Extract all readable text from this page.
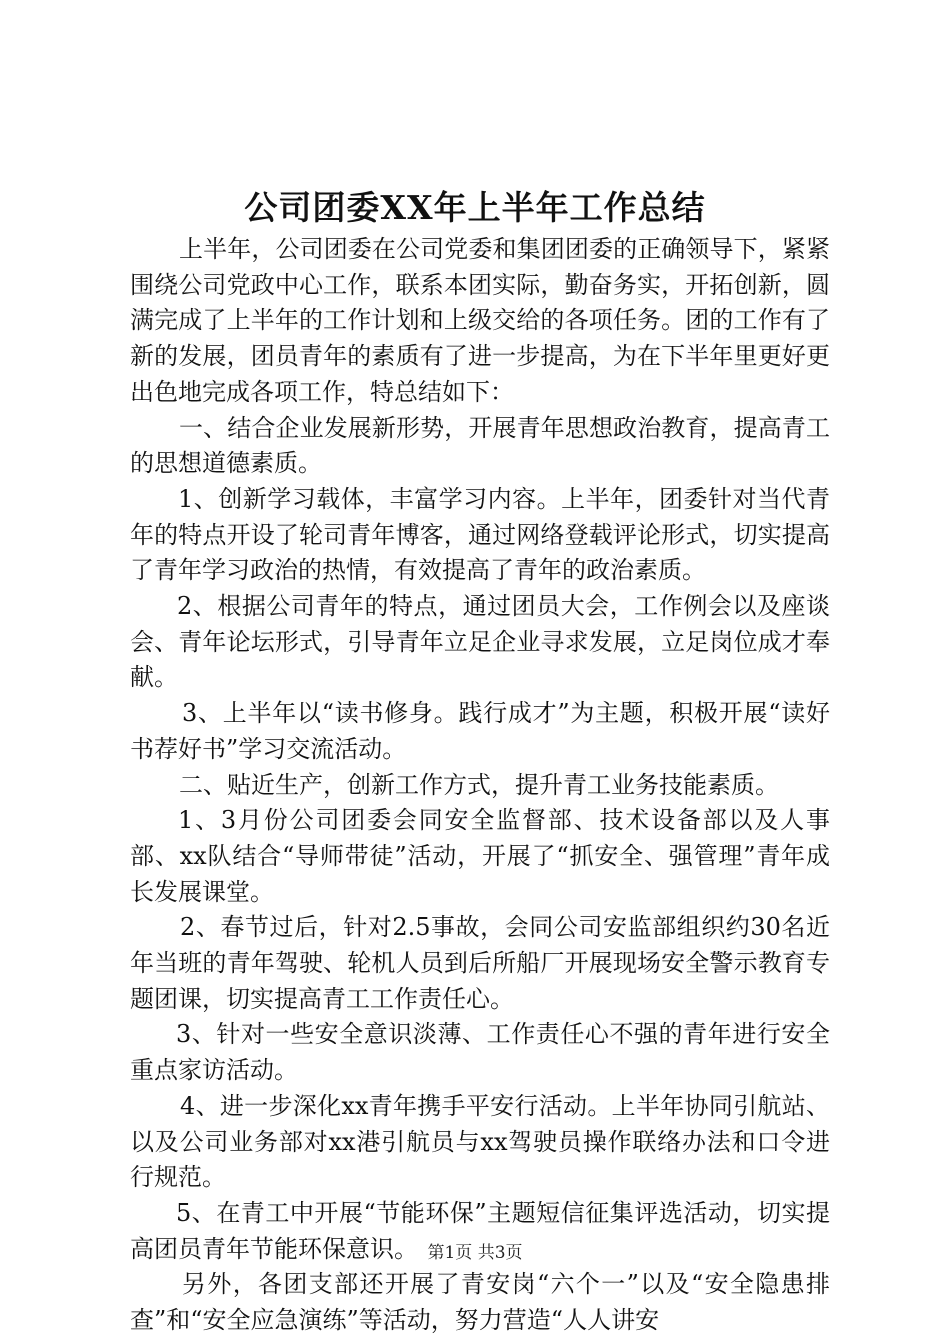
公司团委XX年上半年工作总结

上半年，公司团委在公司党委和集团团委的正确领导下，紧紧围绕公司党政中心工作，联系本团实际，勤奋务实，开拓创新，圆满完成了上半年的工作计划和上级交给的各项任务。团的工作有了新的发展，团员青年的素质有了进一步提高，为在下半年里更好更出色地完成各项工作，特总结如下：

一、结合企业发展新形势，开展青年思想政治教育，提高青工的思想道德素质。

1、创新学习载体，丰富学习内容。上半年，团委针对当代青年的特点开设了轮司青年博客，通过网络登载评论形式，切实提高了青年学习政治的热情，有效提高了青年的政治素质。

2、根据公司青年的特点，通过团员大会，工作例会以及座谈会、青年论坛形式，引导青年立足企业寻求发展，立足岗位成才奉献。

3、上半年以“读书修身。践行成才”为主题，积极开展“读好书荐好书”学习交流活动。

二、贴近生产，创新工作方式，提升青工业务技能素质。

1、3月份公司团委会同安全监督部、技术设备部以及人事部、xx队结合“导师带徒”活动，开展了“抓安全、强管理”青年成长发展课堂。

2、春节过后，针对2.5事故，会同公司安监部组织约30名近年当班的青年驾驶、轮机人员到后所船厂开展现场安全警示教育专题团课，切实提高青工工作责任心。

3、针对一些安全意识淡薄、工作责任心不强的青年进行安全重点家访活动。

4、进一步深化xx青年携手平安行活动。上半年协同引航站、以及公司业务部对xx港引航员与xx驾驶员操作联络办法和口令进行规范。

5、在青工中开展“节能环保”主题短信征集评选活动，切实提高团员青年节能环保意识。

另外，各团支部还开展了青安岗“六个一”以及“安全隐患排查”和“安全应急演练”等活动，努力营造“人人讲安

第1页 共3页
